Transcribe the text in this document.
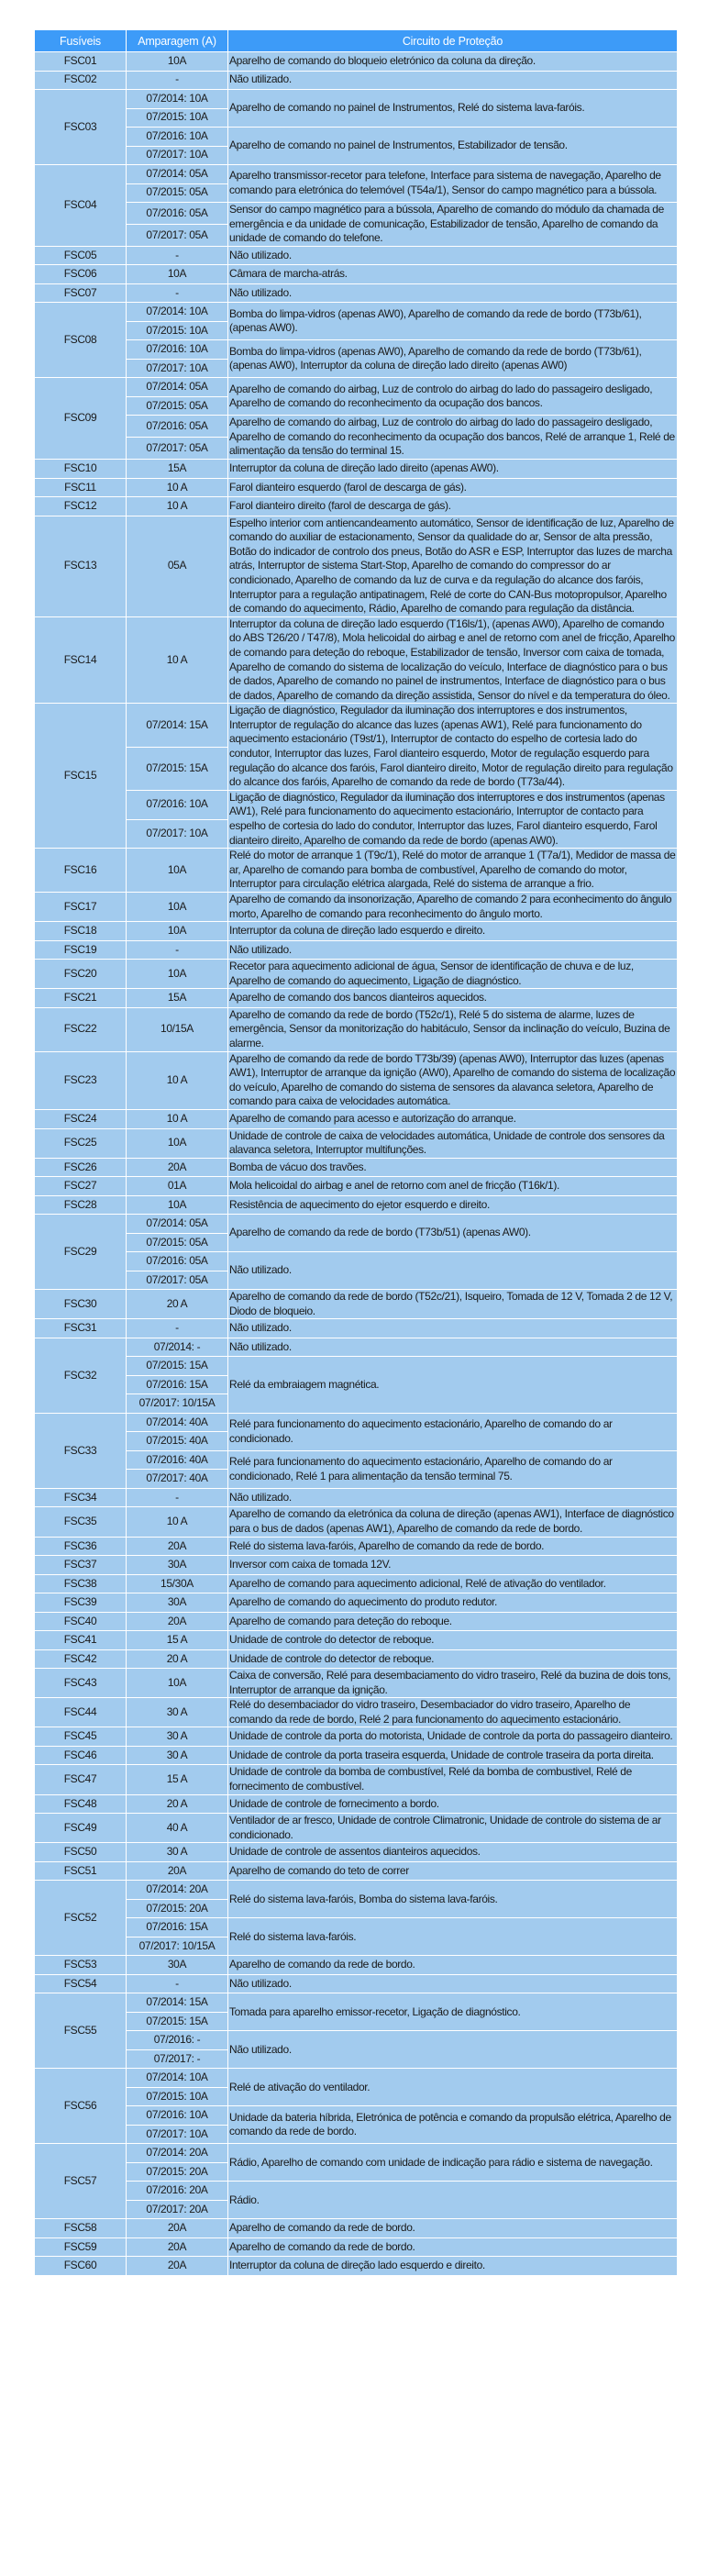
Fusíveis	Amparagem (A)	Circuito de Proteção
FSC01	10A	Aparelho de comando do bloqueio eletrónico da coluna da direção.
FSC02	-	Não utilizado.
FSC03	07/2014: 10A	Aparelho de comando no painel de Instrumentos, Relé do sistema lava-faróis.
	07/2015: 10A	
	07/2016: 10A	Aparelho de comando no painel de Instrumentos, Estabilizador de tensão.
	07/2017: 10A	
FSC04	07/2014: 05A	Aparelho transmissor-recetor para telefone, Interface para sistema de navegação, Aparelho de comando para eletrónica do telemóvel (T54a/1), Sensor do campo magnético para a bússola.
	07/2015: 05A	
	07/2016: 05A	Sensor do campo magnético para a bússola, Aparelho de comando do módulo da chamada de emergência e da unidade de comunicação, Estabilizador de tensão, Aparelho de comando da unidade de comando do telefone.
	07/2017: 05A	
FSC05	-	Não utilizado.
FSC06	10A	Câmara de marcha-atrás.
FSC07	-	Não utilizado.
FSC08	07/2014: 10A	Bomba do limpa-vidros (apenas AW0), Aparelho de comando da rede de bordo (T73b/61), (apenas AW0).
	07/2015: 10A	
	07/2016: 10A	Bomba do limpa-vidros (apenas AW0), Aparelho de comando da rede de bordo (T73b/61), (apenas AW0), Interruptor da coluna de direção lado direito (apenas AW0)
	07/2017: 10A	
FSC09	07/2014: 05A	Aparelho de comando do airbag, Luz de controlo do airbag do lado do passageiro desligado, Aparelho de comando do reconhecimento da ocupação dos bancos.
	07/2015: 05A	
	07/2016: 05A	Aparelho de comando do airbag, Luz de controlo do airbag do lado do passageiro desligado, Aparelho de comando do reconhecimento da ocupação dos bancos, Relé de arranque 1, Relé de alimentação da tensão do terminal 15.
	07/2017: 05A	
FSC10	15A	Interruptor da coluna de direção lado direito (apenas AW0).
FSC11	10 A	Farol dianteiro esquerdo (farol de descarga de gás).
FSC12	10 A	Farol dianteiro direito (farol de descarga de gás).
FSC13	05A	Espelho interior com antiencandeamento automático, Sensor de identificação de luz, Aparelho de comando do auxiliar de estacionamento, Sensor da qualidade do ar, Sensor de alta pressão, Botão do indicador de controlo dos pneus, Botão do ASR e ESP, Interruptor das luzes de marcha atrás, Interruptor de sistema Start-Stop, Aparelho de comando do compressor do ar condicionado, Aparelho de comando da luz de curva e da regulação do alcance dos faróis, Interruptor para a regulação antipatinagem, Relé de corte do CAN-Bus motopropulsor, Aparelho de comando do aquecimento, Rádio, Aparelho de comando para regulação da distância.
FSC14	10 A	Interruptor da coluna de direção lado esquerdo (T16ls/1), (apenas AW0), Aparelho de comando do ABS T26/20 / T47/8), Mola helicoidal do airbag e anel de retorno com anel de fricção, Aparelho de comando para deteção do reboque, Estabilizador de tensão, Inversor com caixa de tomada, Aparelho de comando do sistema de localização do veículo, Interface de diagnóstico para o bus de dados, Aparelho de comando no painel de instrumentos, Interface de diagnóstico para o bus de dados, Aparelho de comando da direção assistida, Sensor do nível e da temperatura do óleo.
FSC15	07/2014: 15A	Ligação de diagnóstico, Regulador da iluminação dos interruptores e dos instrumentos, Interruptor de regulação do alcance das luzes (apenas AW1), Relé para funcionamento do aquecimento estacionário (T9st/1), Interruptor de contacto do espelho de cortesia lado do condutor, Interruptor das luzes, Farol dianteiro esquerdo, Motor de regulação esquerdo para regulação do alcance dos faróis, Farol dianteiro direito, Motor de regulação direito para regulação do alcance dos faróis, Aparelho de comando da rede de bordo (T73a/44).
	07/2015: 15A	
	07/2016: 10A	Ligação de diagnóstico, Regulador da iluminação dos interruptores e dos instrumentos (apenas AW1), Relé para funcionamento do aquecimento estacionário, Interruptor de contacto para espelho de cortesia do lado do condutor, Interruptor das luzes, Farol dianteiro esquerdo, Farol dianteiro direito, Aparelho de comando da rede de bordo (apenas AW0).
	07/2017: 10A	
FSC16	10A	Relé do motor de arranque 1 (T9c/1), Relé do motor de arranque 1 (T7a/1), Medidor de massa de ar, Aparelho de comando para bomba de combustível, Aparelho de comando do motor, Interruptor para circulação elétrica alargada, Relé do sistema de arranque a frio.
FSC17	10A	Aparelho de comando da insonorização, Aparelho de comando 2 para econhecimento do ângulo morto, Aparelho de comando para reconhecimento do ângulo morto.
FSC18	10A	Interruptor da coluna de direção lado esquerdo e direito.
FSC19	-	Não utilizado.
FSC20	10A	Recetor para aquecimento adicional de água, Sensor de identificação de chuva e de luz, Aparelho de comando do aquecimento, Ligação de diagnóstico.
FSC21	15A	Aparelho de comando dos bancos dianteiros aquecidos.
FSC22	10/15A	Aparelho de comando da rede de bordo (T52c/1), Relé 5 do sistema de alarme, luzes de emergência, Sensor da monitorização do habitáculo, Sensor da inclinação do veículo, Buzina de alarme.
FSC23	10 A	Aparelho de comando da rede de bordo T73b/39) (apenas AW0), Interruptor das luzes (apenas AW1), Interruptor de arranque da ignição (AW0), Aparelho de comando do sistema de localização do veículo, Aparelho de comando do sistema de sensores da alavanca seletora, Aparelho de comando para caixa de velocidades automática.
FSC24	10 A	Aparelho de comando para acesso e autorização do arranque.
FSC25	10A	Unidade de controle de caixa de velocidades automática, Unidade de controle dos sensores da alavanca seletora, Interruptor multifunções.
FSC26	20A	Bomba de vácuo dos travões.
FSC27	01A	Mola helicoidal do airbag e anel de retorno com anel de fricção (T16k/1).
FSC28	10A	Resistência de aquecimento do ejetor esquerdo e direito.
FSC29	07/2014: 05A	Aparelho de comando da rede de bordo (T73b/51) (apenas AW0).
	07/2015: 05A	
	07/2016: 05A	Não utilizado.
	07/2017: 05A	
FSC30	20 A	Aparelho de comando da rede de bordo (T52c/21), Isqueiro, Tomada de 12 V, Tomada 2 de 12 V, Diodo de bloqueio.
FSC31	-	Não utilizado.
FSC32	07/2014: -	Não utilizado.
	07/2015: 15A	Relé da embraiagem magnética.
	07/2016: 15A	
	07/2017: 10/15A	
FSC33	07/2014: 40A	Relé para funcionamento do aquecimento estacionário, Aparelho de comando do ar condicionado.
	07/2015: 40A	
	07/2016: 40A	Relé para funcionamento do aquecimento estacionário, Aparelho de comando do ar condicionado, Relé 1 para alimentação da tensão terminal 75.
	07/2017: 40A	
FSC34	-	Não utilizado.
FSC35	10 A	Aparelho de comando da eletrónica da coluna de direção (apenas AW1), Interface de diagnóstico para o bus de dados (apenas AW1), Aparelho de comando da rede de bordo.
FSC36	20A	Relé do sistema lava-faróis, Aparelho de comando da rede de bordo.
FSC37	30A	Inversor com caixa de tomada 12V.
FSC38	15/30A	Aparelho de comando para aquecimento adicional, Relé de ativação do ventilador.
FSC39	30A	Aparelho de comando do aquecimento do produto redutor.
FSC40	20A	Aparelho de comando para deteção do reboque.
FSC41	15 A	Unidade de controle do detector de reboque.
FSC42	20 A	Unidade de controle do detector de reboque.
FSC43	10A	Caixa de conversão, Relé para desembaciamento do vidro traseiro, Relé da buzina de dois tons, Interruptor de arranque da ignição.
FSC44	30 A	Relé do desembaciador do vidro traseiro, Desembaciador do vidro traseiro, Aparelho de comando da rede de bordo, Relé 2 para funcionamento do aquecimento estacionário.
FSC45	30 A	Unidade de controle da porta do motorista, Unidade de controle da porta do passageiro dianteiro.
FSC46	30 A	Unidade de controle da porta traseira esquerda, Unidade de controle traseira da porta direita.
FSC47	15 A	Unidade de controle da bomba de combustível, Relé da bomba de combustivel, Relé de fornecimento de combustível.
FSC48	20 A	Unidade de controle de fornecimento a bordo.
FSC49	40 A	Ventilador de ar fresco, Unidade de controle Climatronic, Unidade de controle do sistema de ar condicionado.
FSC50	30 A	Unidade de controle de assentos dianteiros aquecidos.
FSC51	20A	Aparelho de comando do teto de correr
FSC52	07/2014: 20A	Relé do sistema lava-faróis, Bomba do sistema lava-faróis.
	07/2015: 20A	
	07/2016: 15A	Relé do sistema lava-faróis.
	07/2017: 10/15A	
FSC53	30A	Aparelho de comando da rede de bordo.
FSC54	-	Não utilizado.
FSC55	07/2014: 15A	Tomada para aparelho emissor-recetor, Ligação de diagnóstico.
	07/2015: 15A	
	07/2016: -	Não utilizado.
	07/2017: -	
FSC56	07/2014: 10A	Relé de ativação do ventilador.
	07/2015: 10A	
	07/2016: 10A	Unidade da bateria híbrida, Eletrónica de potência e comando da propulsão elétrica, Aparelho de comando da rede de bordo.
	07/2017: 10A	
FSC57	07/2014: 20A	Rádio, Aparelho de comando com unidade de indicação para rádio e sistema de navegação.
	07/2015: 20A	
	07/2016: 20A	Rádio.
	07/2017: 20A	
FSC58	20A	Aparelho de comando da rede de bordo.
FSC59	20A	Aparelho de comando da rede de bordo.
FSC60	20A	Interruptor da coluna de direção lado esquerdo e direito.
